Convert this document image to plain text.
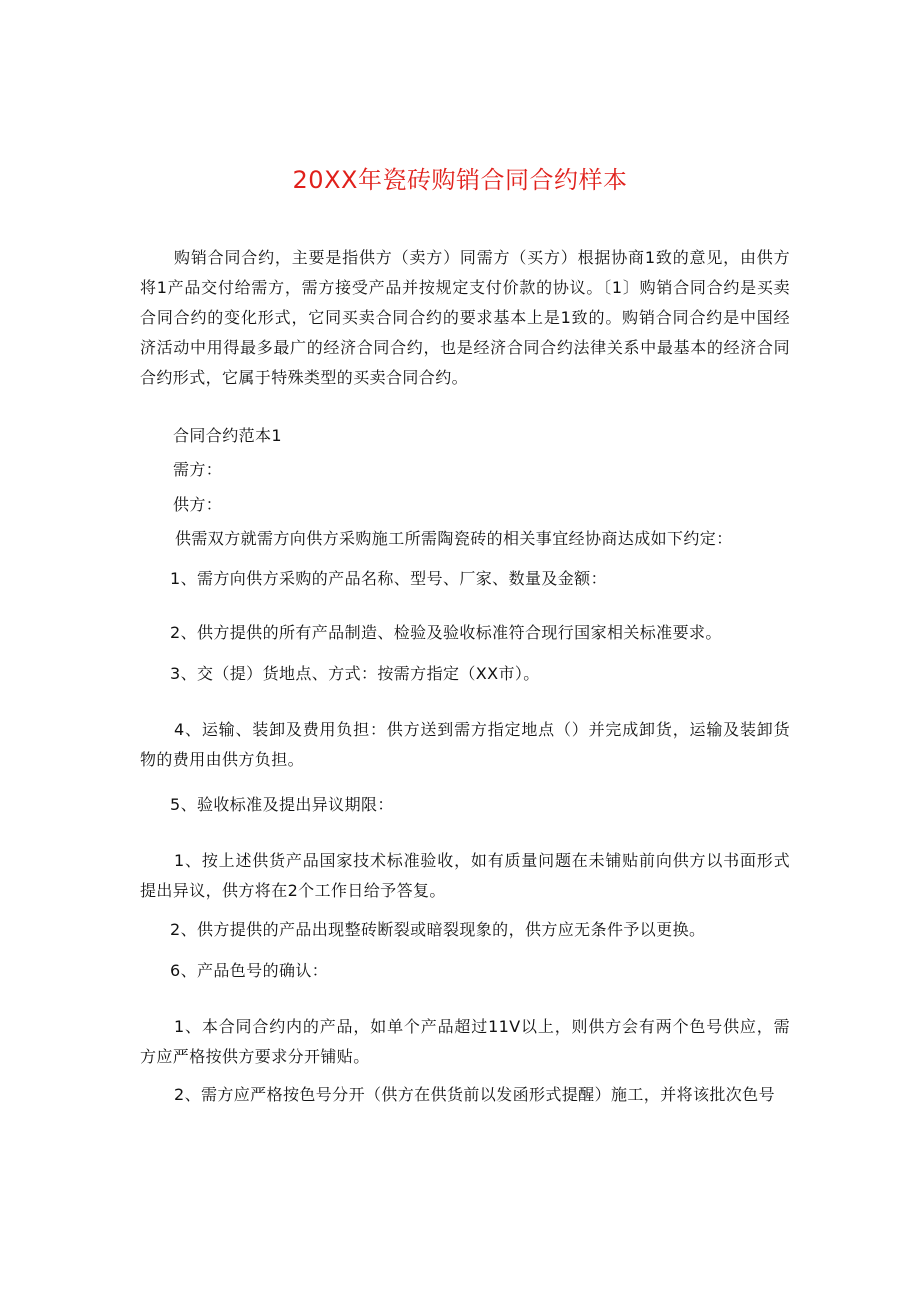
20XX年瓷砖购销合同合约样本

购销合同合约，主要是指供方（卖方）同需方（买方）根据协商1致的意见，由供方将1产品交付给需方，需方接受产品并按规定支付价款的协议。〔1〕购销合同合约是买卖合同合约的变化形式，它同买卖合同合约的要求基本上是1致的。购销合同合约是中国经济活动中用得最多最广的经济合同合约，也是经济合同合约法律关系中最基本的经济合同合约形式，它属于特殊类型的买卖合同合约。

合同合约范本1

需方：

供方：

供需双方就需方向供方采购施工所需陶瓷砖的相关事宜经协商达成如下约定：

1、需方向供方采购的产品名称、型号、厂家、数量及金额：

2、供方提供的所有产品制造、检验及验收标准符合现行国家相关标准要求。

3、交（提）货地点、方式：按需方指定（XX市）。

4、运输、装卸及费用负担：供方送到需方指定地点（）并完成卸货，运输及装卸货物的费用由供方负担。

5、验收标准及提出异议期限：

1、按上述供货产品国家技术标准验收，如有质量问题在未铺贴前向供方以书面形式提出异议，供方将在2个工作日给予答复。

2、供方提供的产品出现整砖断裂或暗裂现象的，供方应无条件予以更换。

6、产品色号的确认：

1、本合同合约内的产品，如单个产品超过11V以上，则供方会有两个色号供应，需方应严格按供方要求分开铺贴。

2、需方应严格按色号分开（供方在供货前以发函形式提醒）施工，并将该批次色号
